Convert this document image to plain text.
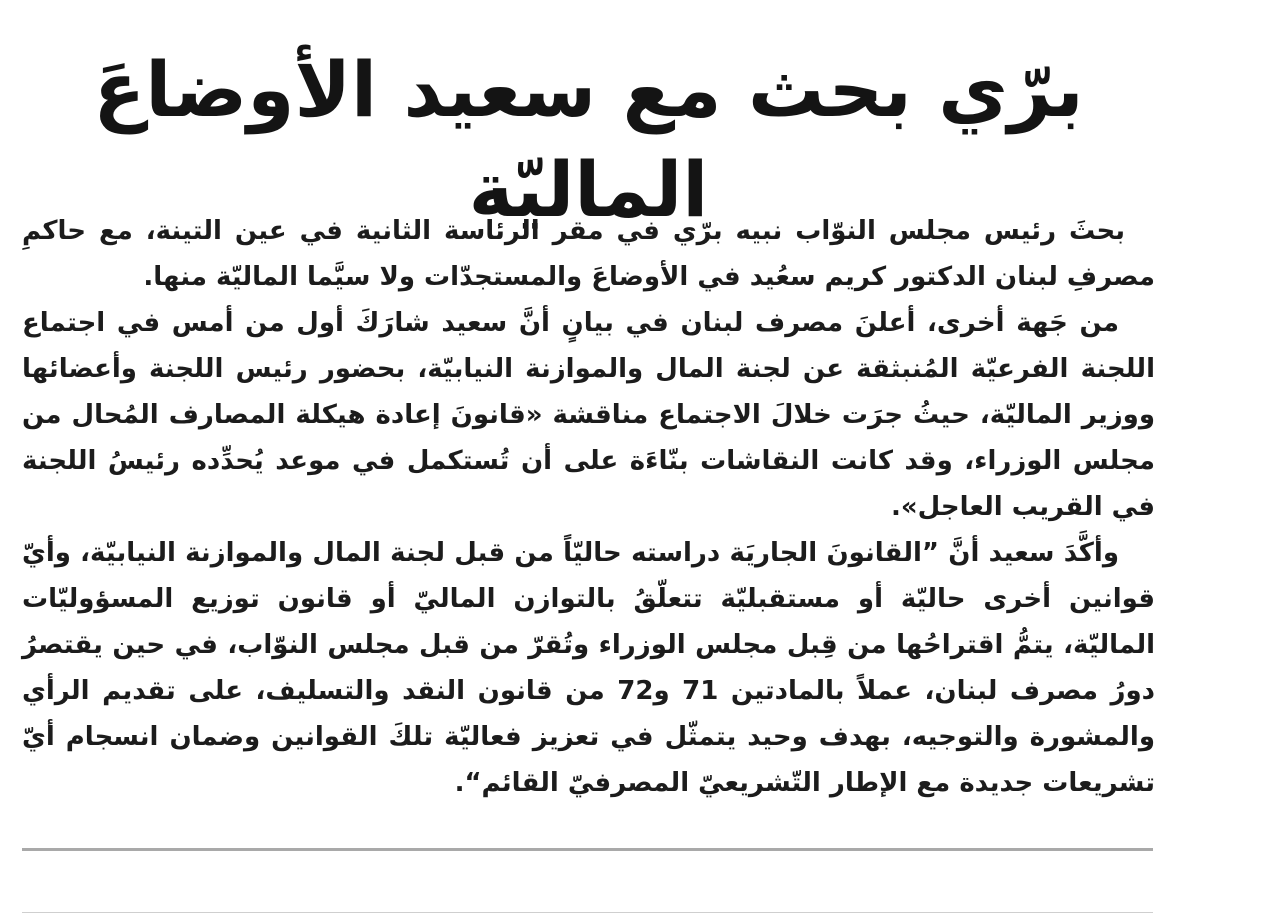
برّي بحث مع سعيد الأوضاعَ الماليّة

بحثَ رئيس مجلس النوّاب نبيه برّي في مقر الرئاسة الثانية في عين التينة، مع حاكمِ مصرفِ لبنان الدكتور كريم سعُيد في الأوضاعَ والمستجدّات ولا سيَّما الماليّة منها.

من جَهة أخرى، أعلنَ مصرف لبنان في بيانٍ أنَّ سعيد شارَكَ أول من أمس في اجتماع اللجنة الفرعيّة المُنبثقة عن لجنة المال والموازنة النيابيّة، بحضور رئيس اللجنة وأعضائها ووزير الماليّة، حيثُ جرَت خلالَ الاجتماع مناقشة «قانونَ إعادة هيكلة المصارف المُحال من مجلس الوزراء، وقد كانت النقاشات بنّاءَة على أن تُستكمل في موعد يُحدِّده رئيسُ اللجنة في القريب العاجل».

وأكَّدَ سعيد أنَّ ”القانونَ الجاريَة دراسته حاليّاً من قبل لجنة المال والموازنة النيابيّة، وأيّ قوانين أخرى حاليّة أو مستقبليّة تتعلّقُ بالتوازن الماليّ أو قانون توزيع المسؤوليّات الماليّة، يتمُّ اقتراحُها من قِبل مجلس الوزراء وتُقرّ من قبل مجلس النوّاب، في حين يقتصرُ دورُ مصرف لبنان، عملاً بالمادتين 71 و72 من قانون النقد والتسليف، على تقديم الرأي والمشورة والتوجيه، بهدف وحيد يتمثّل في تعزيز فعاليّة تلكَ القوانين وضمان انسجام أيّ تشريعات جديدة مع الإطار التّشريعيّ المصرفيّ القائم“.
